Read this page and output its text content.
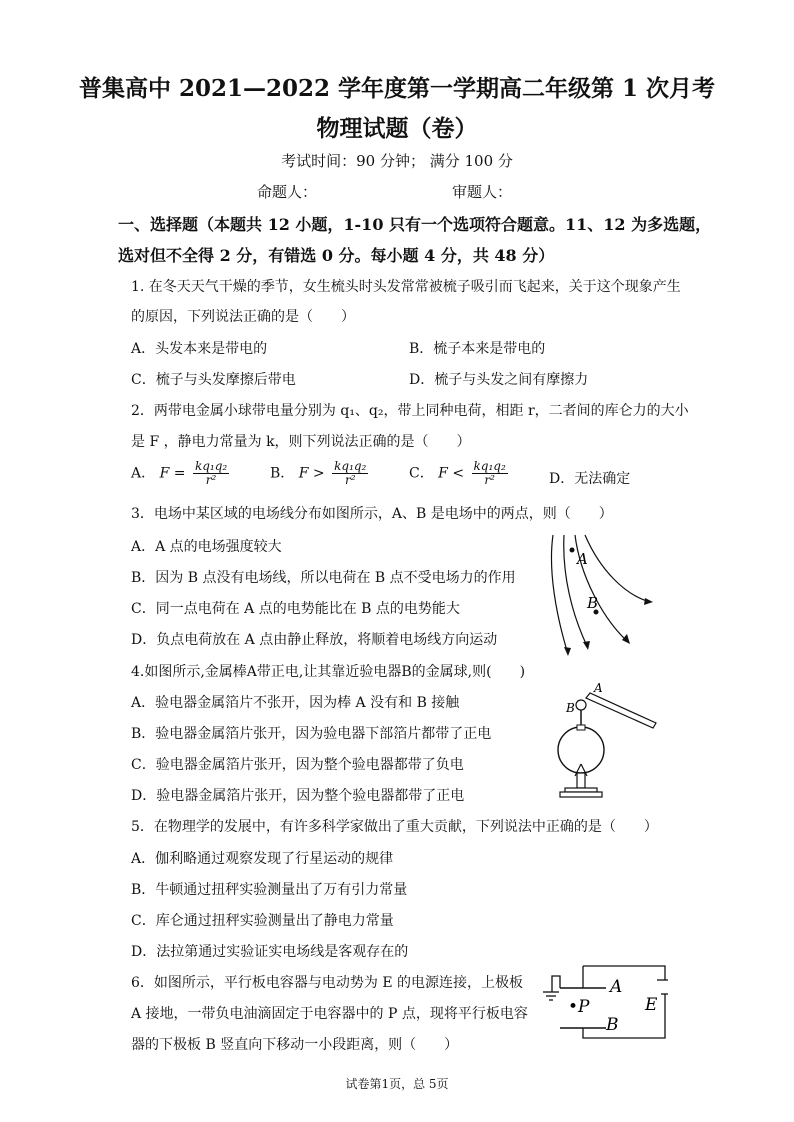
普集高中 2021—2022 学年度第一学期高二年级第 1 次月考
物理试题（卷）
考试时间：90 分钟； 满分 100 分
命题人：	审题人：
一、选择题（本题共 12 小题，1-10 只有一个选项符合题意。11、12 为多选题，
选对但不全得 2 分，有错选 0 分。每小题 4 分，共 48 分）
1. 在冬天天气干燥的季节，女生梳头时头发常常被梳子吸引而飞起来，关于这个现象产生
的原因，下列说法正确的是（　　）
A．头发本来是带电的	B．梳子本来是带电的
C．梳子与头发摩擦后带电	D．梳子与头发之间有摩擦力
2．两带电金属小球带电量分别为 q₁、q₂，带上同种电荷，相距 r，二者间的库仑力的大小
是 F ，静电力常量为 k，则下列说法正确的是（　　）
A． $F = \frac{\text{kq₁q₂}}{\text{r²}}$	B． $F > \frac{\text{kq₁q₂}}{\text{r²}}$	C． $F < \frac{\text{kq₁q₂}}{\text{r²}}$	D．无法确定
3．电场中某区域的电场线分布如图所示，A、B 是电场中的两点，则（　　）
A．A 点的电场强度较大
B．因为 B 点没有电场线，所以电荷在 B 点不受电场力的作用
C．同一点电荷在 A 点的电势能比在 B 点的电势能大
D．负点电荷放在 A 点由静止释放，将顺着电场线方向运动
A
B
4.如图所示,金属棒A带正电,让其靠近验电器B的金属球,则(　　)
A．验电器金属箔片不张开，因为棒 A 没有和 B 接触
B．验电器金属箔片张开，因为验电器下部箔片都带了正电
C．验电器金属箔片张开，因为整个验电器都带了负电
D．验电器金属箔片张开，因为整个验电器都带了正电
A
B
5．在物理学的发展中，有许多科学家做出了重大贡献，下列说法中正确的是（　　）
A．伽利略通过观察发现了行星运动的规律
B．牛顿通过扭秤实验测量出了万有引力常量
C．库仑通过扭秤实验测量出了静电力常量
D．法拉第通过实验证实电场线是客观存在的
6．如图所示，平行板电容器与电动势为 E 的电源连接，上极板
A 接地，一带负电油滴固定于电容器中的 P 点，现将平行板电容
器的下极板 B 竖直向下移动一小段距离，则（　　）
A
B
•P	E
试卷第1页，总 5页
